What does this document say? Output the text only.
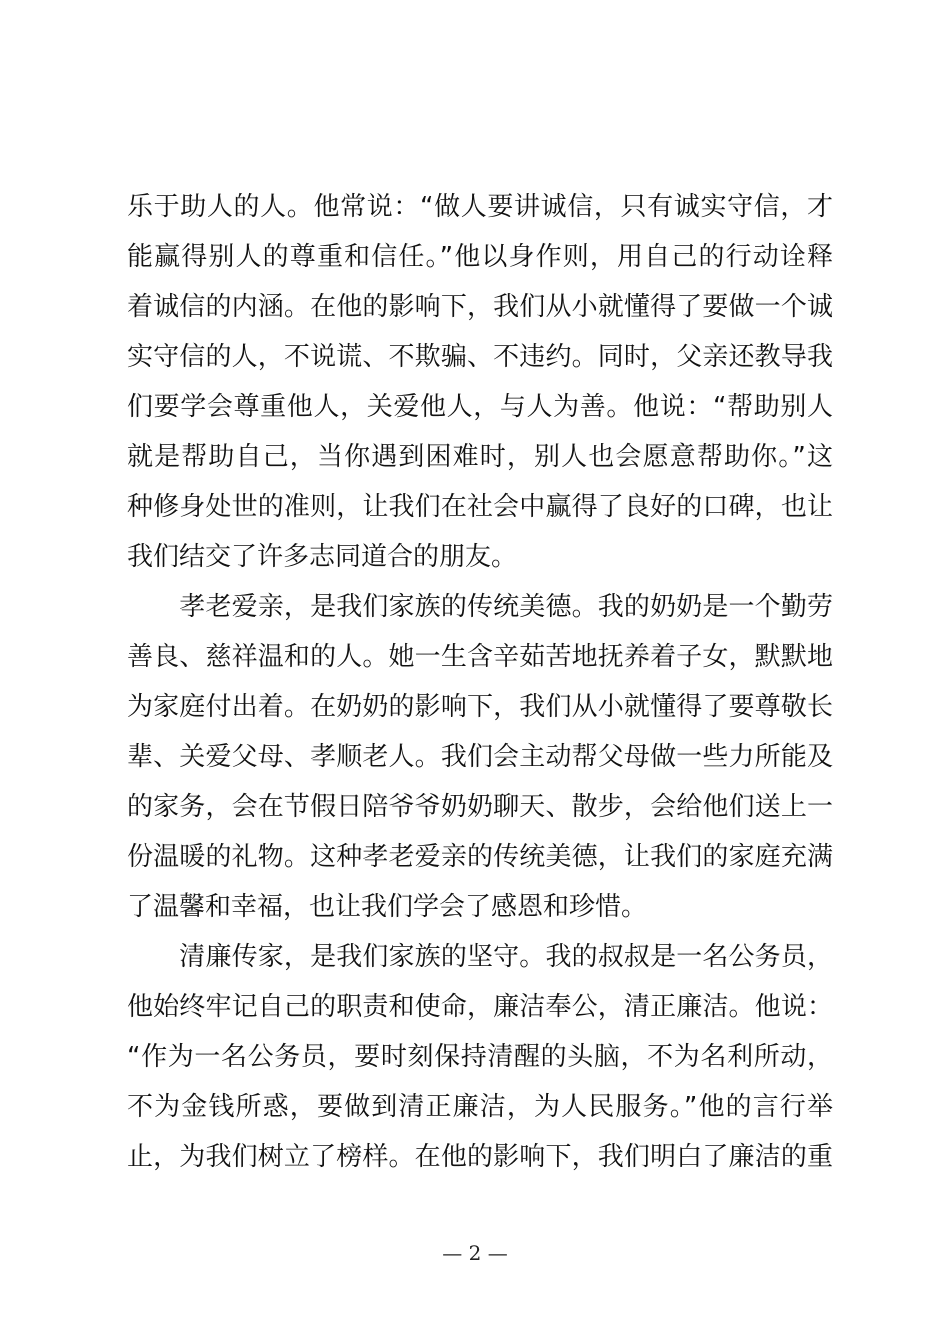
乐于助人的人。他常说：“做人要讲诚信，只有诚实守信，才
能赢得别人的尊重和信任。”他以身作则，用自己的行动诠释
着诚信的内涵。在他的影响下，我们从小就懂得了要做一个诚
实守信的人，不说谎、不欺骗、不违约。同时，父亲还教导我
们要学会尊重他人，关爱他人，与人为善。他说：“帮助别人
就是帮助自己，当你遇到困难时，别人也会愿意帮助你。”这
种修身处世的准则，让我们在社会中赢得了良好的口碑，也让
我们结交了许多志同道合的朋友。
　　孝老爱亲，是我们家族的传统美德。我的奶奶是一个勤劳
善良、慈祥温和的人。她一生含辛茹苦地抚养着子女，默默地
为家庭付出着。在奶奶的影响下，我们从小就懂得了要尊敬长
辈、关爱父母、孝顺老人。我们会主动帮父母做一些力所能及
的家务，会在节假日陪爷爷奶奶聊天、散步，会给他们送上一
份温暖的礼物。这种孝老爱亲的传统美德，让我们的家庭充满
了温馨和幸福，也让我们学会了感恩和珍惜。
　　清廉传家，是我们家族的坚守。我的叔叔是一名公务员，
他始终牢记自己的职责和使命，廉洁奉公，清正廉洁。他说：
“作为一名公务员，要时刻保持清醒的头脑，不为名利所动，
不为金钱所惑，要做到清正廉洁，为人民服务。”他的言行举
止，为我们树立了榜样。在他的影响下，我们明白了廉洁的重
— 2 —
